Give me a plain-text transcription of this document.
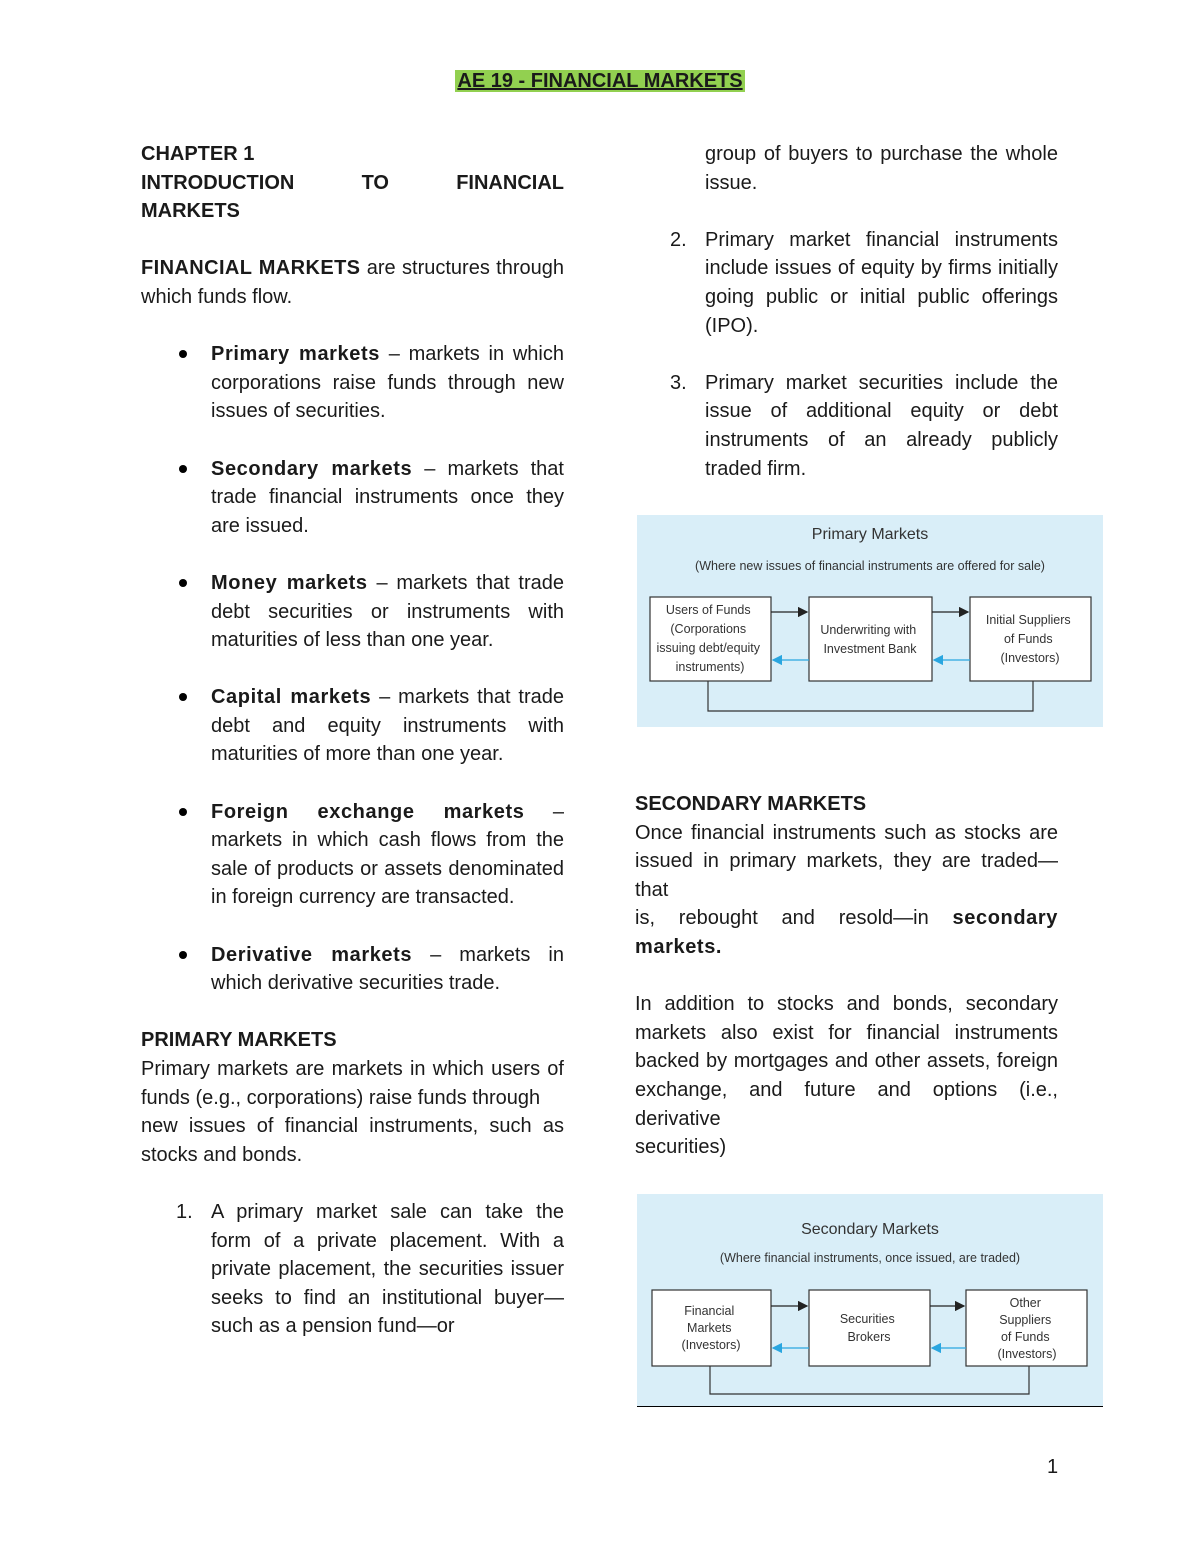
AE 19 - FINANCIAL MARKETS

CHAPTER 1

INTRODUCTION	TO	FINANCIAL

MARKETS

FINANCIAL MARKETS are structures through which funds flow.

Primary markets – markets in which corporations raise funds through new issues of securities.
Secondary markets – markets that trade financial instruments once they are issued.
Money markets – markets that trade debt securities or instruments with maturities of less than one year.
Capital markets – markets that trade debt and equity instruments with maturities of more than one year.
Foreign exchange markets – markets in which cash flows from the sale of products or assets denominated in foreign currency are transacted.
Derivative markets – markets in which derivative securities trade.

PRIMARY MARKETS

Primary markets are markets in which users of funds (e.g., corporations) raise funds through

new issues of financial instruments, such as stocks and bonds.

1. A primary market sale can take the form of a private placement. With a private placement, the securities issuer seeks to find an institutional buyer—such as a pension fund—or

group of buyers to purchase the whole issue.

2. Primary market financial instruments include issues of equity by firms initially going public or initial public offerings (IPO).
3. Primary market securities include the issue of additional equity or debt instruments of an already publicly traded firm.
Primary Markets
(Where new issues of financial instruments are offered for sale)
Users of Funds (Corporations issuing debt/equity instruments)
Underwriting with Investment Bank
Initial Suppliers of Funds (Investors)

SECONDARY MARKETS

Once financial instruments such as stocks are issued in primary markets, they are traded—that

is, rebought and resold—in secondary markets.

In addition to stocks and bonds, secondary markets also exist for financial instruments backed by mortgages and other assets, foreign exchange, and future and options (i.e., derivative

securities)

Secondary Markets
(Where financial instruments, once issued, are traded)
Financial Markets (Investors)
Securities Brokers
Other Suppliers of Funds (Investors)
1
